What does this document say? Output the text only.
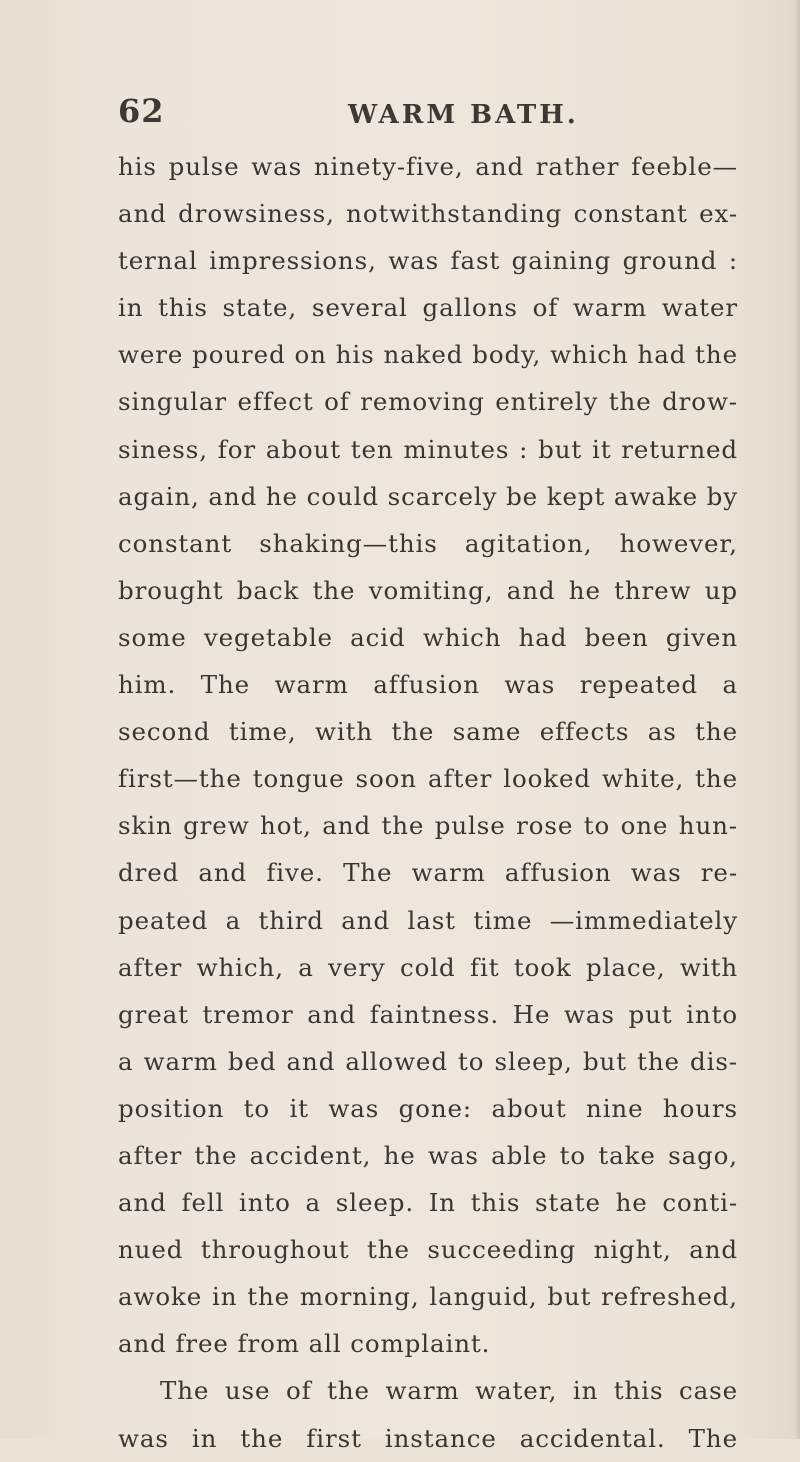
62	WARM BATH.
his pulse was ninety-five, and rather feeble—
and drowsiness, notwithstanding constant ex-
ternal impressions, was fast gaining ground :
in this state, several gallons of warm water
were poured on his naked body, which had the
singular effect of removing entirely the drow-
siness, for about ten minutes : but it returned
again, and he could scarcely be kept awake by
constant shaking—this agitation, however,
brought back the vomiting, and he threw up
some vegetable acid which had been given
him. The warm affusion was repeated a
second time, with the same effects as the
first—the tongue soon after looked white, the
skin grew hot, and the pulse rose to one hun-
dred and five. The warm affusion was re-
peated a third and last time —immediately
after which, a very cold fit took place, with
great tremor and faintness. He was put into
a warm bed and allowed to sleep, but the dis-
position to it was gone: about nine hours
after the accident, he was able to take sago,
and fell into a sleep. In this state he conti-
nued throughout the succeeding night, and
awoke in the morning, languid, but refreshed,
and free from all complaint.
The use of the warm water, in this case
was in the first instance accidental. The
